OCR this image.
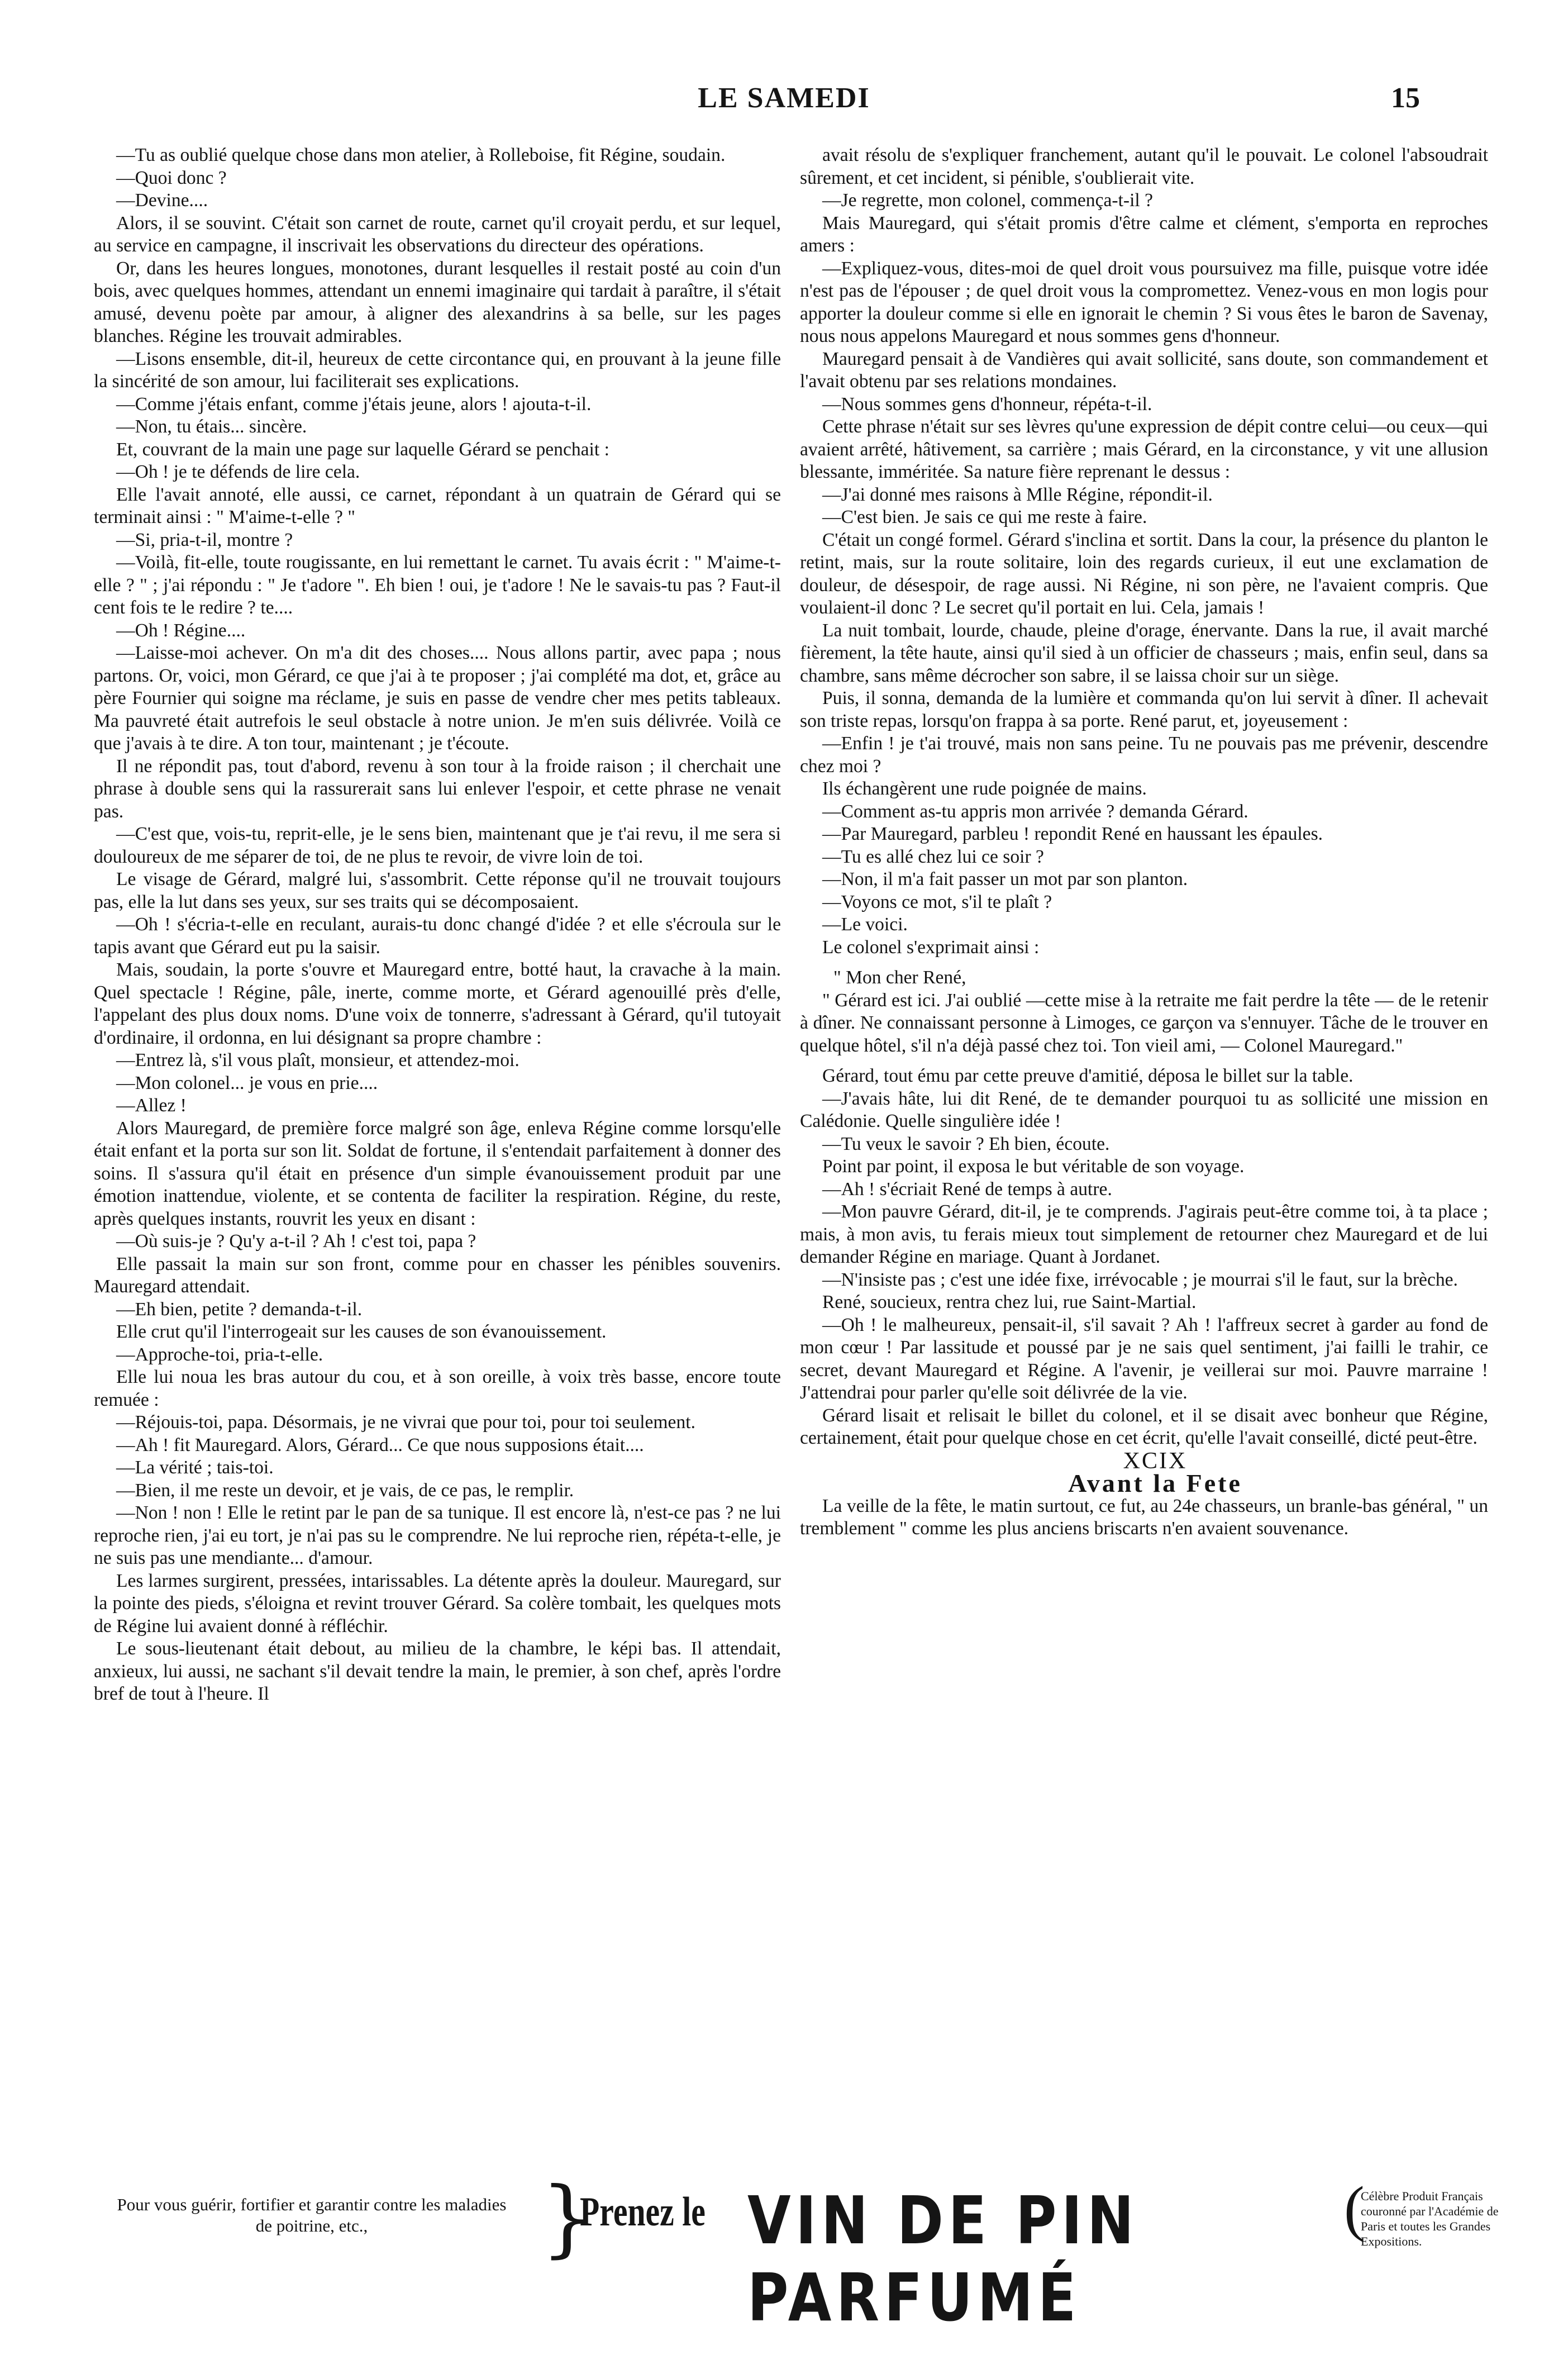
LE SAMEDI	15

—Tu as oublié quelque chose dans mon atelier, à Rolleboise, fit Régine, soudain.

—Quoi donc ?

—Devine....

Alors, il se souvint. C'était son carnet de route, carnet qu'il croyait perdu, et sur lequel, au service en campagne, il inscrivait les observations du directeur des opérations.

Or, dans les heures longues, monotones, durant lesquelles il restait posté au coin d'un bois, avec quelques hommes, attendant un ennemi imaginaire qui tardait à paraître, il s'était amusé, devenu poète par amour, à aligner des alexandrins à sa belle, sur les pages blanches. Régine les trouvait admirables.

—Lisons ensemble, dit-il, heureux de cette circontance qui, en prouvant à la jeune fille la sincérité de son amour, lui faciliterait ses explications.

—Comme j'étais enfant, comme j'étais jeune, alors ! ajouta-t-il.

—Non, tu étais... sincère.

Et, couvrant de la main une page sur laquelle Gérard se penchait :

—Oh ! je te défends de lire cela.

Elle l'avait annoté, elle aussi, ce carnet, répondant à un quatrain de Gérard qui se terminait ainsi : " M'aime-t-elle ? "

—Si, pria-t-il, montre ?

—Voilà, fit-elle, toute rougissante, en lui remettant le carnet. Tu avais écrit : " M'aime-t-elle ? " ; j'ai répondu : " Je t'adore ". Eh bien ! oui, je t'adore ! Ne le savais-tu pas ? Faut-il cent fois te le redire ? te....

—Oh ! Régine....

—Laisse-moi achever. On m'a dit des choses.... Nous allons partir, avec papa ; nous partons. Or, voici, mon Gérard, ce que j'ai à te proposer ; j'ai complété ma dot, et, grâce au père Fournier qui soigne ma réclame, je suis en passe de vendre cher mes petits tableaux. Ma pauvreté était autrefois le seul obstacle à notre union. Je m'en suis délivrée. Voilà ce que j'avais à te dire. A ton tour, maintenant ; je t'écoute.

Il ne répondit pas, tout d'abord, revenu à son tour à la froide raison ; il cherchait une phrase à double sens qui la rassurerait sans lui enlever l'espoir, et cette phrase ne venait pas.

—C'est que, vois-tu, reprit-elle, je le sens bien, maintenant que je t'ai revu, il me sera si douloureux de me séparer de toi, de ne plus te revoir, de vivre loin de toi.

Le visage de Gérard, malgré lui, s'assombrit. Cette réponse qu'il ne trouvait toujours pas, elle la lut dans ses yeux, sur ses traits qui se décomposaient.

—Oh ! s'écria-t-elle en reculant, aurais-tu donc changé d'idée ? et elle s'écroula sur le tapis avant que Gérard eut pu la saisir.

Mais, soudain, la porte s'ouvre et Mauregard entre, botté haut, la cravache à la main. Quel spectacle ! Régine, pâle, inerte, comme morte, et Gérard agenouillé près d'elle, l'appelant des plus doux noms. D'une voix de tonnerre, s'adressant à Gérard, qu'il tutoyait d'ordinaire, il ordonna, en lui désignant sa propre chambre :

—Entrez là, s'il vous plaît, monsieur, et attendez-moi.

—Mon colonel... je vous en prie....

—Allez !

Alors Mauregard, de première force malgré son âge, enleva Régine comme lorsqu'elle était enfant et la porta sur son lit. Soldat de fortune, il s'entendait parfaitement à donner des soins. Il s'assura qu'il était en présence d'un simple évanouissement produit par une émotion inattendue, violente, et se contenta de faciliter la respiration. Régine, du reste, après quelques instants, rouvrit les yeux en disant :

—Où suis-je ? Qu'y a-t-il ? Ah ! c'est toi, papa ?

Elle passait la main sur son front, comme pour en chasser les pénibles souvenirs. Mauregard attendait.

—Eh bien, petite ? demanda-t-il.

Elle crut qu'il l'interrogeait sur les causes de son évanouissement.

—Approche-toi, pria-t-elle.

Elle lui noua les bras autour du cou, et à son oreille, à voix très basse, encore toute remuée :

—Réjouis-toi, papa. Désormais, je ne vivrai que pour toi, pour toi seulement.

—Ah ! fit Mauregard. Alors, Gérard... Ce que nous supposions était....

—La vérité ; tais-toi.

—Bien, il me reste un devoir, et je vais, de ce pas, le remplir.

—Non ! non ! Elle le retint par le pan de sa tunique. Il est encore là, n'est-ce pas ? ne lui reproche rien, j'ai eu tort, je n'ai pas su le comprendre. Ne lui reproche rien, répéta-t-elle, je ne suis pas une mendiante... d'amour.

Les larmes surgirent, pressées, intarissables. La détente après la douleur. Mauregard, sur la pointe des pieds, s'éloigna et revint trouver Gérard. Sa colère tombait, les quelques mots de Régine lui avaient donné à réfléchir.

Le sous-lieutenant était debout, au milieu de la chambre, le képi bas. Il attendait, anxieux, lui aussi, ne sachant s'il devait tendre la main, le premier, à son chef, après l'ordre bref de tout à l'heure. Il

avait résolu de s'expliquer franchement, autant qu'il le pouvait. Le colonel l'absoudrait sûrement, et cet incident, si pénible, s'oublierait vite.

—Je regrette, mon colonel, commença-t-il ?

Mais Mauregard, qui s'était promis d'être calme et clément, s'emporta en reproches amers :

—Expliquez-vous, dites-moi de quel droit vous poursuivez ma fille, puisque votre idée n'est pas de l'épouser ; de quel droit vous la compromettez. Venez-vous en mon logis pour apporter la douleur comme si elle en ignorait le chemin ? Si vous êtes le baron de Savenay, nous nous appelons Mauregard et nous sommes gens d'honneur.

Mauregard pensait à de Vandières qui avait sollicité, sans doute, son commandement et l'avait obtenu par ses relations mondaines.

—Nous sommes gens d'honneur, répéta-t-il.

Cette phrase n'était sur ses lèvres qu'une expression de dépit contre celui—ou ceux—qui avaient arrêté, hâtivement, sa carrière ; mais Gérard, en la circonstance, y vit une allusion blessante, imméritée. Sa nature fière reprenant le dessus :

—J'ai donné mes raisons à Mlle Régine, répondit-il.

—C'est bien. Je sais ce qui me reste à faire.

C'était un congé formel. Gérard s'inclina et sortit. Dans la cour, la présence du planton le retint, mais, sur la route solitaire, loin des regards curieux, il eut une exclamation de douleur, de désespoir, de rage aussi. Ni Régine, ni son père, ne l'avaient compris. Que voulaient-il donc ? Le secret qu'il portait en lui. Cela, jamais !

La nuit tombait, lourde, chaude, pleine d'orage, énervante. Dans la rue, il avait marché fièrement, la tête haute, ainsi qu'il sied à un officier de chasseurs ; mais, enfin seul, dans sa chambre, sans même décrocher son sabre, il se laissa choir sur un siège.

Puis, il sonna, demanda de la lumière et commanda qu'on lui servit à dîner. Il achevait son triste repas, lorsqu'on frappa à sa porte. René parut, et, joyeusement :

—Enfin ! je t'ai trouvé, mais non sans peine. Tu ne pouvais pas me prévenir, descendre chez moi ?

Ils échangèrent une rude poignée de mains.

—Comment as-tu appris mon arrivée ? demanda Gérard.

—Par Mauregard, parbleu ! repondit René en haussant les épaules.

—Tu es allé chez lui ce soir ?

—Non, il m'a fait passer un mot par son planton.

—Voyons ce mot, s'il te plaît ?

—Le voici.

Le colonel s'exprimait ainsi :

" Mon cher René,

" Gérard est ici. J'ai oublié —cette mise à la retraite me fait perdre la tête — de le retenir à dîner. Ne connaissant personne à Limoges, ce garçon va s'ennuyer. Tâche de le trouver en quelque hôtel, s'il n'a déjà passé chez toi. Ton vieil ami, — Colonel Mauregard."

Gérard, tout ému par cette preuve d'amitié, déposa le billet sur la table.

—J'avais hâte, lui dit René, de te demander pourquoi tu as sollicité une mission en Calédonie. Quelle singulière idée !

—Tu veux le savoir ? Eh bien, écoute.

Point par point, il exposa le but véritable de son voyage.

—Ah ! s'écriait René de temps à autre.

—Mon pauvre Gérard, dit-il, je te comprends. J'agirais peut-être comme toi, à ta place ; mais, à mon avis, tu ferais mieux tout simplement de retourner chez Mauregard et de lui demander Régine en mariage. Quant à Jordanet.

—N'insiste pas ; c'est une idée fixe, irrévocable ; je mourrai s'il le faut, sur la brèche.

René, soucieux, rentra chez lui, rue Saint-Martial.

—Oh ! le malheureux, pensait-il, s'il savait ? Ah ! l'affreux secret à garder au fond de mon cœur ! Par lassitude et poussé par je ne sais quel sentiment, j'ai failli le trahir, ce secret, devant Mauregard et Régine. A l'avenir, je veillerai sur moi. Pauvre marraine ! J'attendrai pour parler qu'elle soit délivrée de la vie.

Gérard lisait et relisait le billet du colonel, et il se disait avec bonheur que Régine, certainement, était pour quelque chose en cet écrit, qu'elle l'avait conseillé, dicté peut-être.

XCIX

Avant la Fete

La veille de la fête, le matin surtout, ce fut, au 24e chasseurs, un branle-bas général, " un tremblement " comme les plus anciens briscarts n'en avaient souvenance.

Pour vous guérir, fortifier et garantir contre les maladies de poitrine, etc.,	}
Prenez le VIN DE PIN PARFUMÉ
(
Célèbre Produit Français couronné par l'Académie de Paris et toutes les Grandes Expositions.
